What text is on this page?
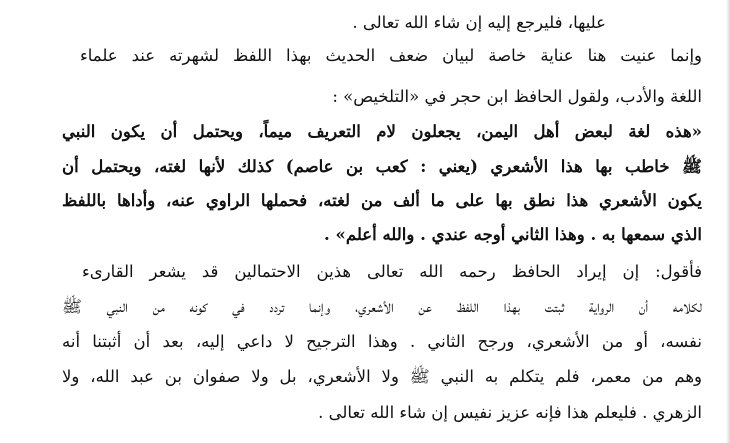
عليها، فليرجع إليه إن شاء الله تعالى .
وإنما عنيت هنا عناية خاصة لبيان ضعف الحديث بهذا اللفظ لشهرته عند علماء
اللغة والأدب، ولقول الحافظ ابن حجر في «التلخيص» :
«هذه لغة لبعض أهل اليمن، يجعلون لام التعريف ميماً، ويحتمل أن يكون النبي
ﷺ خاطب بها هذا الأشعري (يعني : كعب بن عاصم) كذلك لأنها لغته، ويحتمل أن
يكون الأشعري هذا نطق بها على ما ألف من لغته، فحملها الراوي عنه، وأداها باللفظ
الذي سمعها به . وهذا الثاني أوجه عندي . والله أعلم» .
فأقول: إن إيراد الحافظ رحمه الله تعالى هذين الاحتمالين قد يشعر القارىء
لكلامه أن الرواية ثبتت بهذا اللفظ عن الأشعري، وإنما تردد في كونه من النبي ﷺ
نفسه، أو من الأشعري، ورجح الثاني . وهذا الترجيح لا داعي إليه، بعد أن أثبتنا أنه
وهم من معمر، فلم يتكلم به النبي ﷺ ولا الأشعري، بل ولا صفوان بن عبد الله، ولا
الزهري . فليعلم هذا فإنه عزيز نفيس إن شاء الله تعالى .
